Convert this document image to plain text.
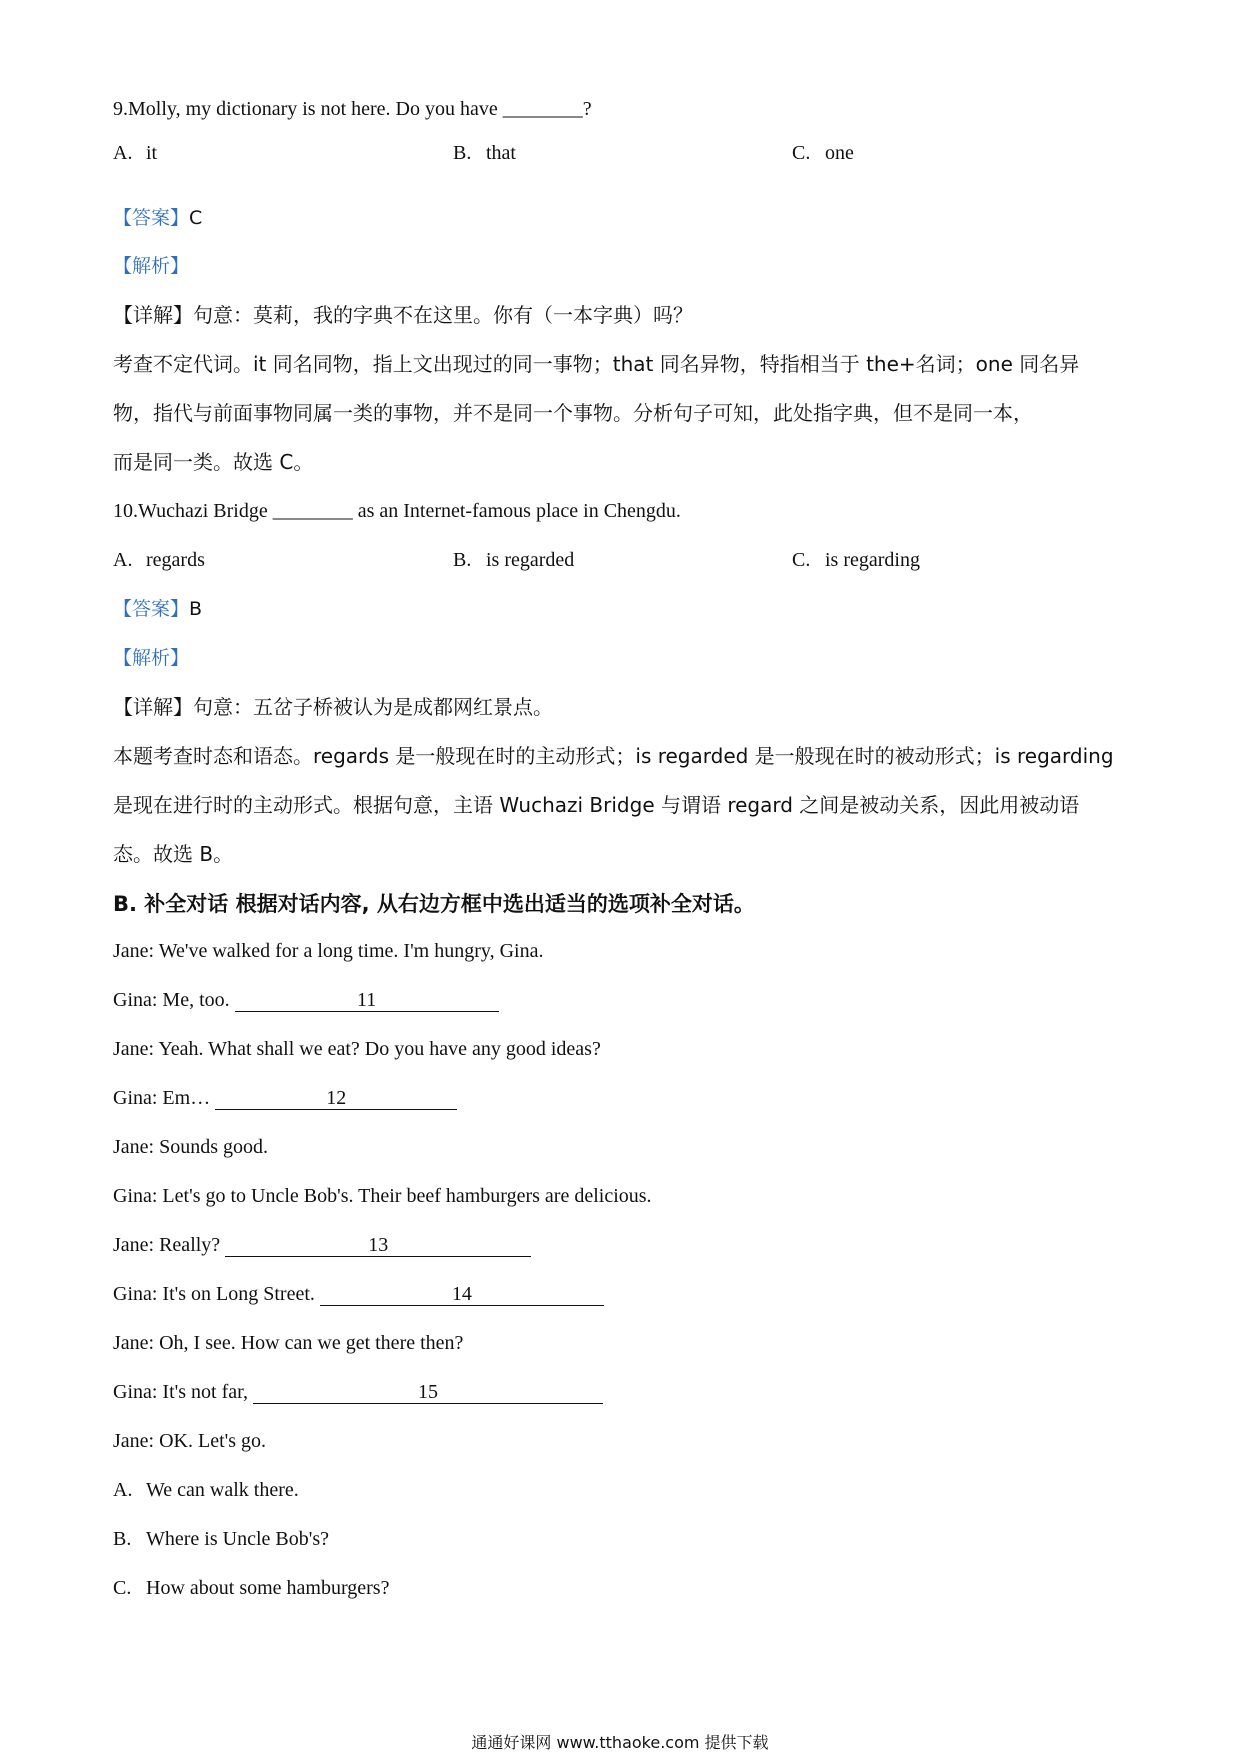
9.Molly, my dictionary is not here. Do you have ________?
A. it	B. that	C. one
【答案】C
【解析】
【详解】句意：莫莉，我的字典不在这里。你有（一本字典）吗？
考查不定代词。it 同名同物，指上文出现过的同一事物；that 同名异物，特指相当于 the+名词；one 同名异
物，指代与前面事物同属一类的事物，并不是同一个事物。分析句子可知，此处指字典，但不是同一本，
而是同一类。故选 C。
10.Wuchazi Bridge ________ as an Internet-famous place in Chengdu.
A. regards	B. is regarded	C. is regarding
【答案】B
【解析】
【详解】句意：五岔子桥被认为是成都网红景点。
本题考查时态和语态。regards 是一般现在时的主动形式；is regarded 是一般现在时的被动形式；is regarding
是现在进行时的主动形式。根据句意，主语 Wuchazi Bridge 与谓语 regard 之间是被动关系，因此用被动语
态。故选 B。
B. 补全对话 根据对话内容, 从右边方框中选出适当的选项补全对话。
Jane: We've walked for a long time. I'm hungry, Gina.
Gina: Me, too.	11
Jane: Yeah. What shall we eat? Do you have any good ideas?
Gina: Em…	12
Jane: Sounds good.
Gina: Let's go to Uncle Bob's. Their beef hamburgers are delicious.
Jane: Really?	13
Gina: It's on Long Street.	14
Jane: Oh, I see. How can we get there then?
Gina: It's not far,	15
Jane: OK. Let's go.
A. We can walk there.
B. Where is Uncle Bob's?
C. How about some hamburgers?
通通好课网 www.tthaoke.com 提供下载
